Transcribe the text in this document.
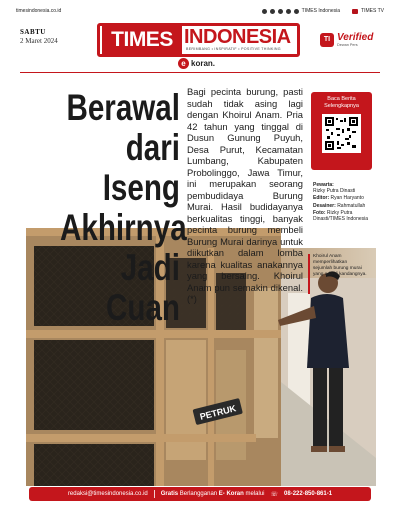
timesindonesia.co.id	TIMES Indonesia	TIMES TV
SABTU
2 Maret 2024	TIMES INDONESIA
BERIMBANG • INSPIRATIF • POSITIVE THINKING
e koran.
TI Verified
Dewan Pers
PETRUK
Berawal
dari Iseng
Akhirnya
Jadi Cuan
Bagi pecinta burung, pasti sudah tidak asing lagi dengan Khoirul Anam. Pria 42 tahun yang tinggal di Dusun Gunung Puyuh, Desa Purut, Kecamatan Lumbang, Kabupaten Probolinggo, Jawa Timur, ini merupakan seorang pembudidaya Burung Murai. Hasil budidayanya berkualitas tinggi, banyak pecinta burung membeli Burung Murai darinya untuk diikutkan dalam lomba karena kualitas anakannya yang bersaing. Khoirul Anam pun semakin dikenal. (*)
Baca Berita Selengkapnya
Pewarta:
Rizky Putra Dinasti
Editor: Ryan Haryanto
Desainer: Rahmatullah
Foto: Rizky Putra Dinasti/TIMES Indonesia
Khoirul Anam memperlihatkan sejumlah burung murai yang ada di kandangnya.
redaksi@timesindonesia.co.id Gratis Berlangganan E- Koran melalui ☏ 08-222-850-861-1
